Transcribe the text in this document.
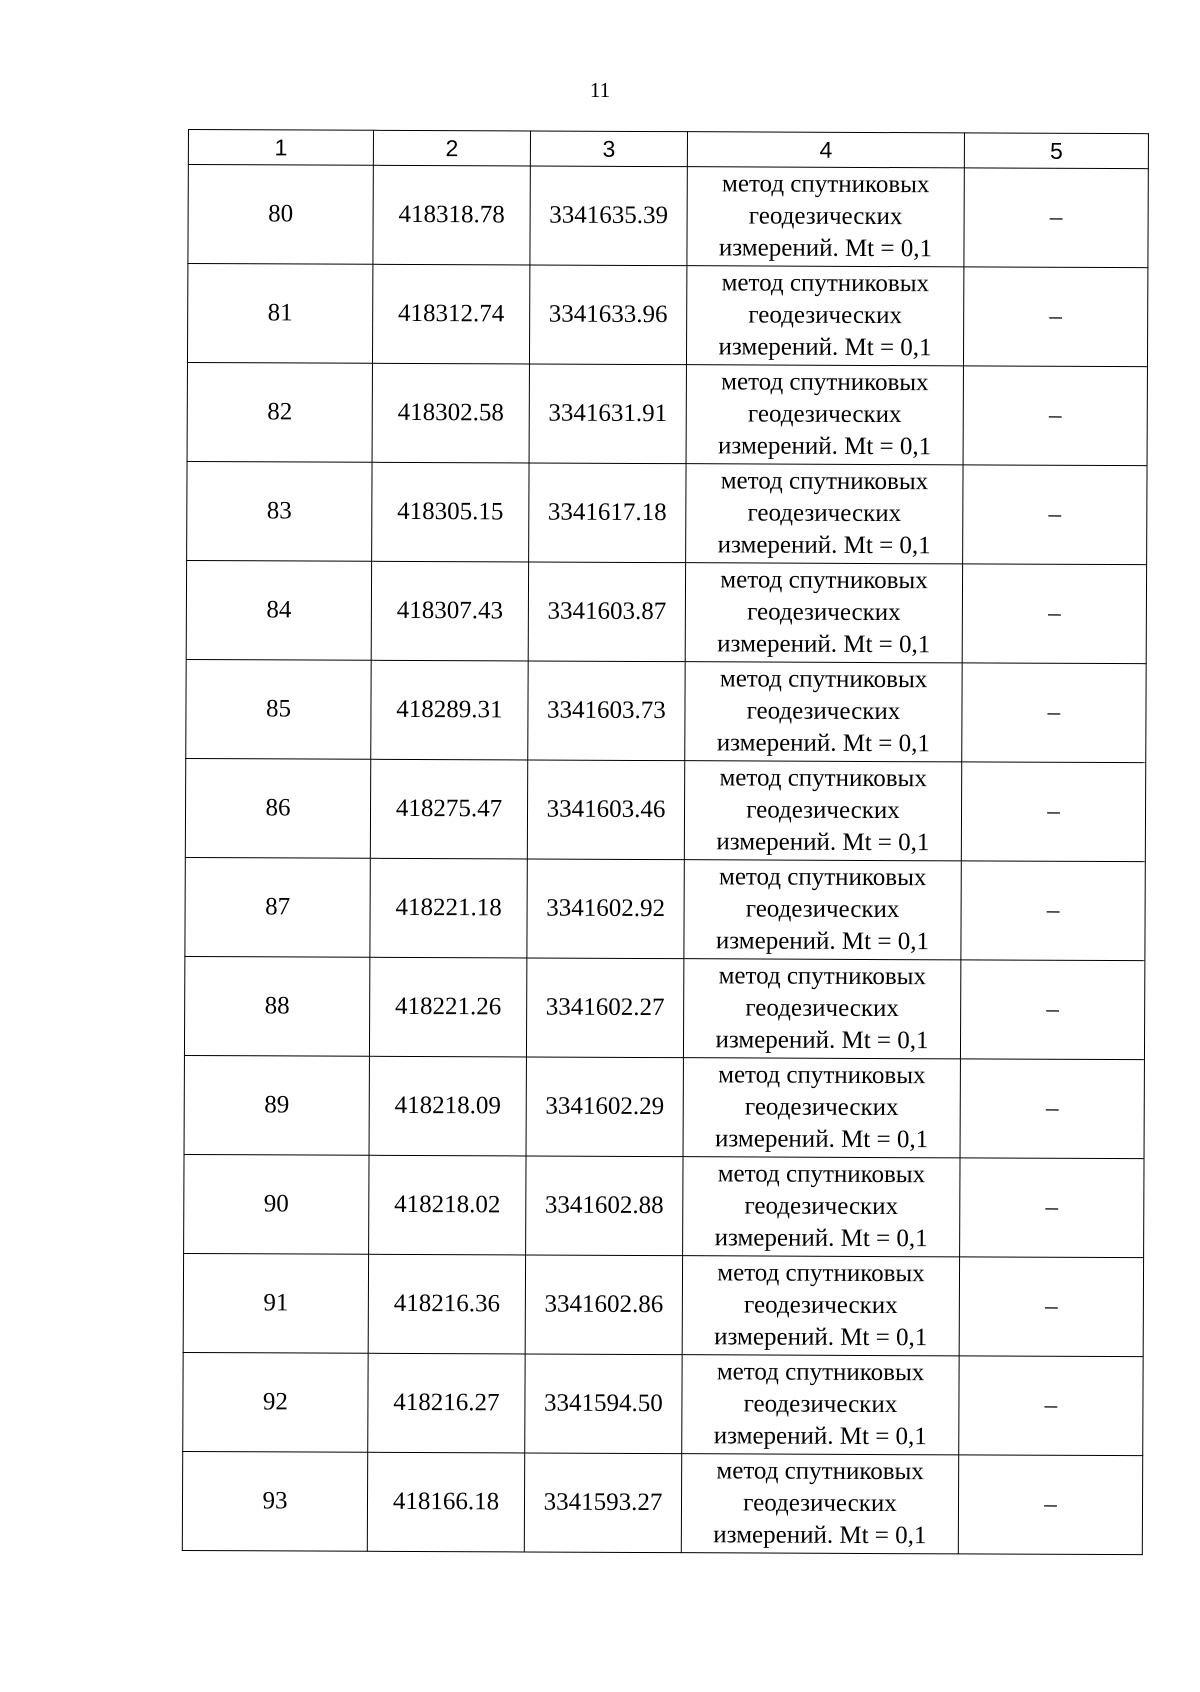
11
1	2	3	4	5
80	418318.78	3341635.39	метод спутниковых
геодезических
измерений. Mt = 0,1	–
81	418312.74	3341633.96	метод спутниковых
геодезических
измерений. Mt = 0,1	–
82	418302.58	3341631.91	метод спутниковых
геодезических
измерений. Mt = 0,1	–
83	418305.15	3341617.18	метод спутниковых
геодезических
измерений. Mt = 0,1	–
84	418307.43	3341603.87	метод спутниковых
геодезических
измерений. Mt = 0,1	–
85	418289.31	3341603.73	метод спутниковых
геодезических
измерений. Mt = 0,1	–
86	418275.47	3341603.46	метод спутниковых
геодезических
измерений. Mt = 0,1	–
87	418221.18	3341602.92	метод спутниковых
геодезических
измерений. Mt = 0,1	–
88	418221.26	3341602.27	метод спутниковых
геодезических
измерений. Mt = 0,1	–
89	418218.09	3341602.29	метод спутниковых
геодезических
измерений. Mt = 0,1	–
90	418218.02	3341602.88	метод спутниковых
геодезических
измерений. Mt = 0,1	–
91	418216.36	3341602.86	метод спутниковых
геодезических
измерений. Mt = 0,1	–
92	418216.27	3341594.50	метод спутниковых
геодезических
измерений. Mt = 0,1	–
93	418166.18	3341593.27	метод спутниковых
геодезических
измерений. Mt = 0,1	–
